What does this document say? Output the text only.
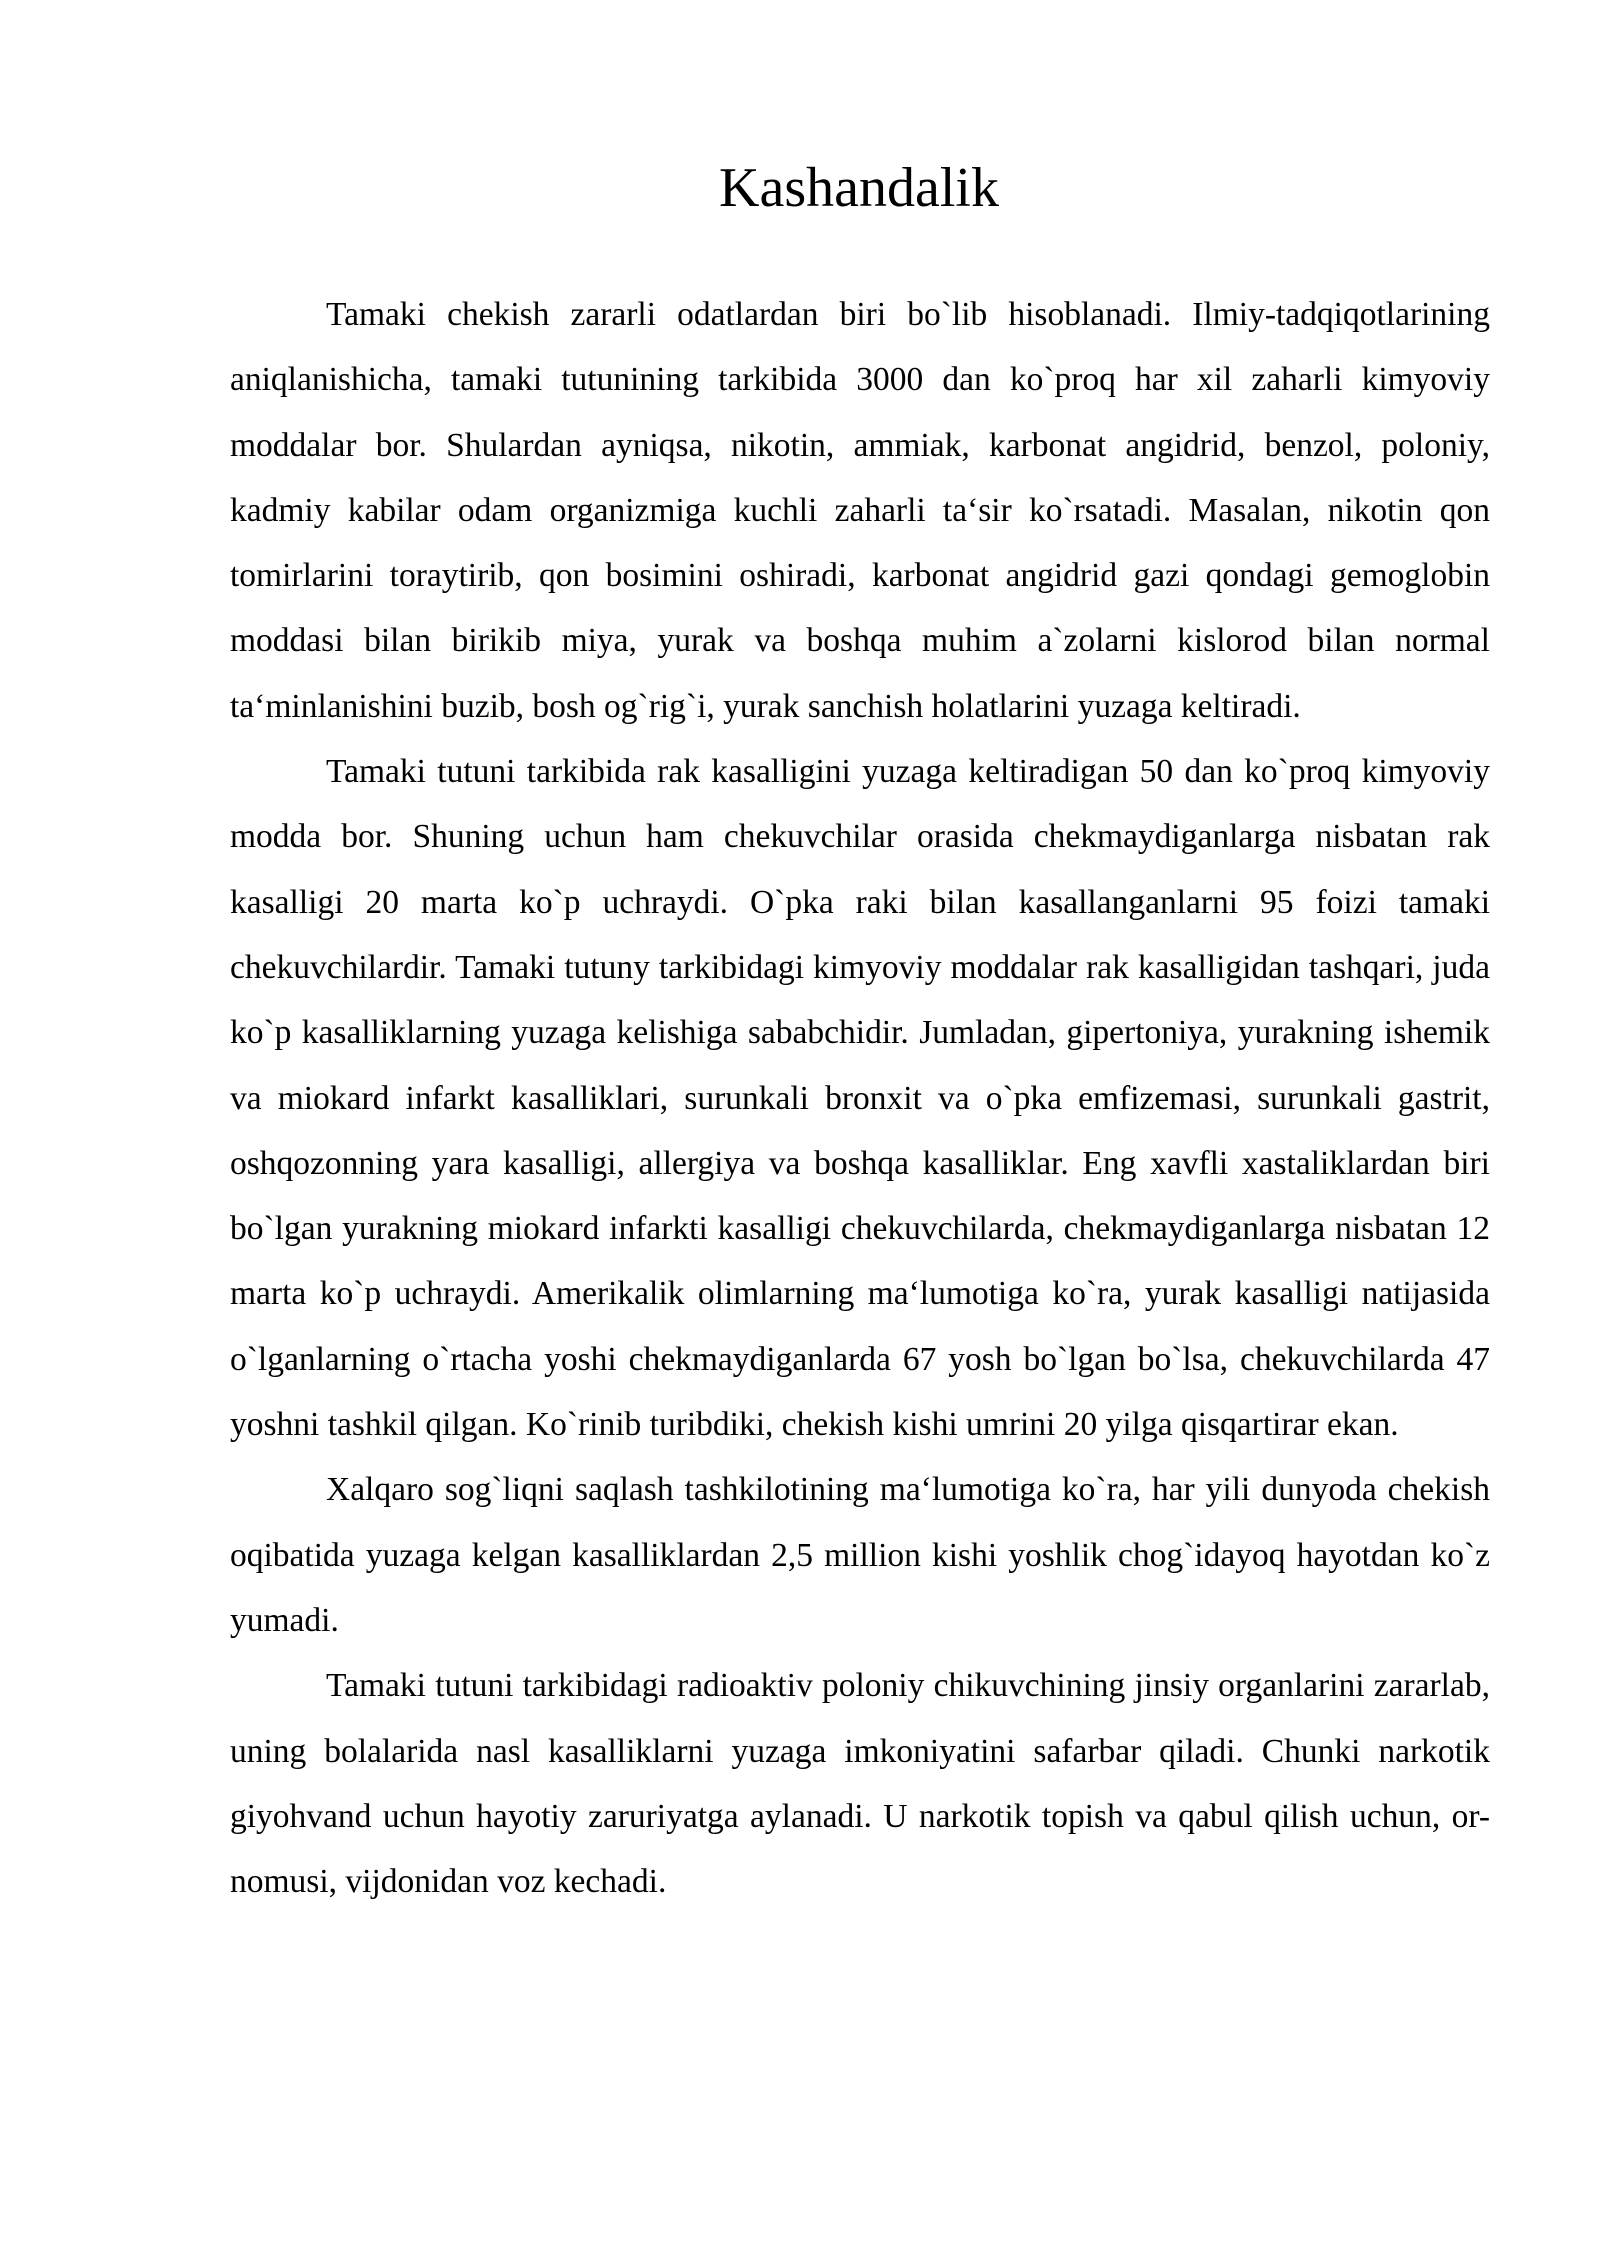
Kashandalik

Tamaki chekish zararli odatlardan biri bo`lib hisoblanadi. Ilmiy-tadqiqotlarining aniqlanishicha, tamaki tutunining tarkibida 3000 dan ko`proq har xil zaharli kimyoviy moddalar bor. Shulardan ayniqsa, nikotin, ammiak, karbonat angidrid, benzol, poloniy, kadmiy kabilar odam organizmiga kuchli zaharli ta‘sir ko`rsatadi. Masalan, nikotin qon tomirlarini toraytirib, qon bosimini oshiradi, karbonat angidrid gazi qondagi gemoglobin moddasi bilan birikib miya, yurak va boshqa muhim a`zolarni kislorod bilan normal ta‘minlanishini buzib, bosh og`rig`i, yurak sanchish holatlarini yuzaga keltiradi.

Tamaki tutuni tarkibida rak kasalligini yuzaga keltiradigan 50 dan ko`proq kimyoviy modda bor. Shuning uchun ham chekuvchilar orasida chekmaydiganlarga nisbatan rak kasalligi 20 marta ko`p uchraydi. O`pka raki bilan kasallanganlarni 95 foizi tamaki chekuvchilardir. Tamaki tutuny tarkibidagi kimyoviy moddalar rak kasalligidan tashqari, juda ko`p kasalliklarning yuzaga kelishiga sababchidir. Jumladan, gipertoniya, yurakning ishemik va miokard infarkt kasalliklari, surunkali bronxit va o`pka emfizemasi, surunkali gastrit, oshqozonning yara kasalligi, allergiya va boshqa kasalliklar. Eng xavfli xastaliklardan biri bo`lgan yurakning miokard infarkti kasalligi chekuvchilarda, chekmaydiganlarga nisbatan 12 marta ko`p uchraydi. Amerikalik olimlarning ma‘lumotiga ko`ra, yurak kasalligi natijasida o`lganlarning o`rtacha yoshi chekmaydiganlarda 67 yosh bo`lgan bo`lsa, chekuvchilarda 47 yoshni tashkil qilgan. Ko`rinib turibdiki, chekish kishi umrini 20 yilga qisqartirar ekan.

Xalqaro sog`liqni saqlash tashkilotining ma‘lumotiga ko`ra, har yili dunyoda chekish oqibatida yuzaga kelgan kasalliklardan 2,5 million kishi yoshlik chog`idayoq hayotdan ko`z yumadi.

Tamaki tutuni tarkibidagi radioaktiv poloniy chikuvchining jinsiy organlarini zararlab, uning bolalarida nasl kasalliklarni yuzaga imkoniyatini safarbar qiladi. Chunki narkotik giyohvand uchun hayotiy zaruriyatga aylanadi. U narkotik topish va qabul qilish uchun, or-nomusi, vijdonidan voz kechadi.
